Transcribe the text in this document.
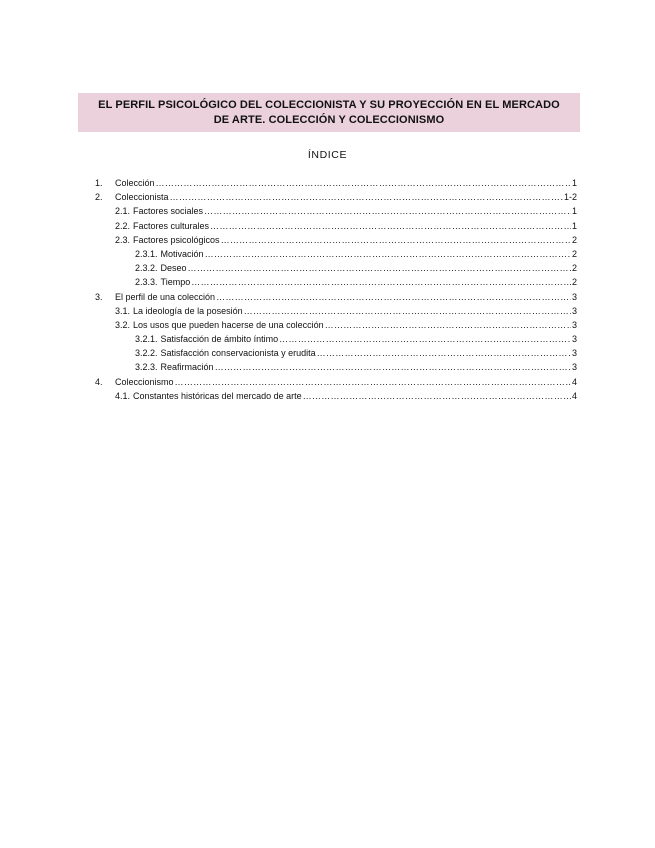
EL PERFIL PSICOLÓGICO DEL COLECCIONISTA Y SU PROYECCIÓN EN EL MERCADO
DE ARTE. COLECCIÓN Y COLECCIONISMO

ÍNDICE
1.	Colección ………………………………………………………………………………………………………………………………………………………………………………………………	1
2.	Coleccionista ………………………………………………………………………………………………………………………………………………………………………………………………	1-2
2.1. Factores sociales ………………………………………………………………………………………………………………………………………………………………………………………………	1
2.2. Factores culturales ………………………………………………………………………………………………………………………………………………………………………………………………	1
2.3. Factores psicológicos ………………………………………………………………………………………………………………………………………………………………………………………………	2
2.3.1. Motivación ………………………………………………………………………………………………………………………………………………………………………………………………	2
2.3.2. Deseo ………………………………………………………………………………………………………………………………………………………………………………………………	2
2.3.3. Tiempo ………………………………………………………………………………………………………………………………………………………………………………………………	2
3.	El perfil de una colección ………………………………………………………………………………………………………………………………………………………………………………………………	3
3.1. La ideología de la posesión ………………………………………………………………………………………………………………………………………………………………………………………………	3
3.2. Los usos que pueden hacerse de una colección ………………………………………………………………………………………………………………………………………………………………………………………………	3
3.2.1. Satisfacción de ámbito íntimo ………………………………………………………………………………………………………………………………………………………………………………………………	3
3.2.2. Satisfacción conservacionista y erudita ………………………………………………………………………………………………………………………………………………………………………………………………	3
3.2.3. Reafirmación ………………………………………………………………………………………………………………………………………………………………………………………………	3
4.	Coleccionismo ………………………………………………………………………………………………………………………………………………………………………………………………	4
4.1. Constantes históricas del mercado de arte ………………………………………………………………………………………………………………………………………………………………………………………………	4
